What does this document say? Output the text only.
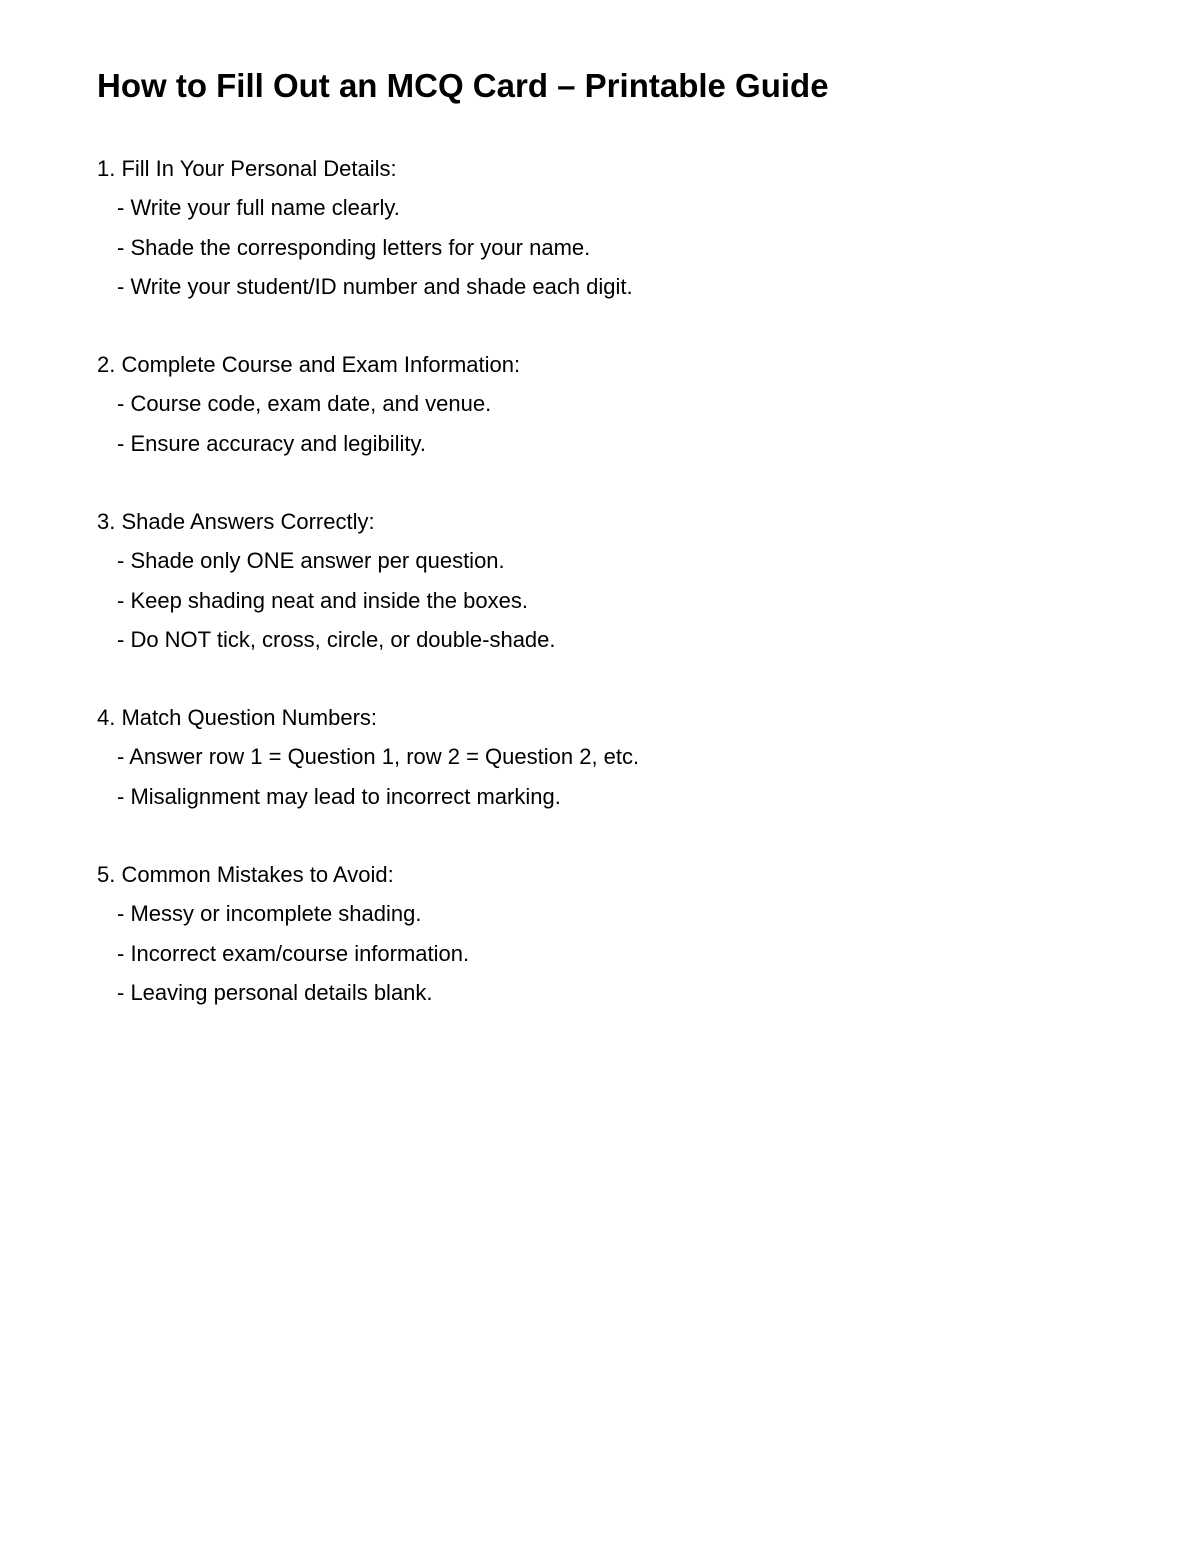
How to Fill Out an MCQ Card – Printable Guide

1. Fill In Your Personal Details:

- Write your full name clearly.
- Shade the corresponding letters for your name.
- Write your student/ID number and shade each digit.

2. Complete Course and Exam Information:

- Course code, exam date, and venue.
- Ensure accuracy and legibility.

3. Shade Answers Correctly:

- Shade only ONE answer per question.
- Keep shading neat and inside the boxes.
- Do NOT tick, cross, circle, or double-shade.

4. Match Question Numbers:

- Answer row 1 = Question 1, row 2 = Question 2, etc.
- Misalignment may lead to incorrect marking.

5. Common Mistakes to Avoid:

- Messy or incomplete shading.
- Incorrect exam/course information.
- Leaving personal details blank.
